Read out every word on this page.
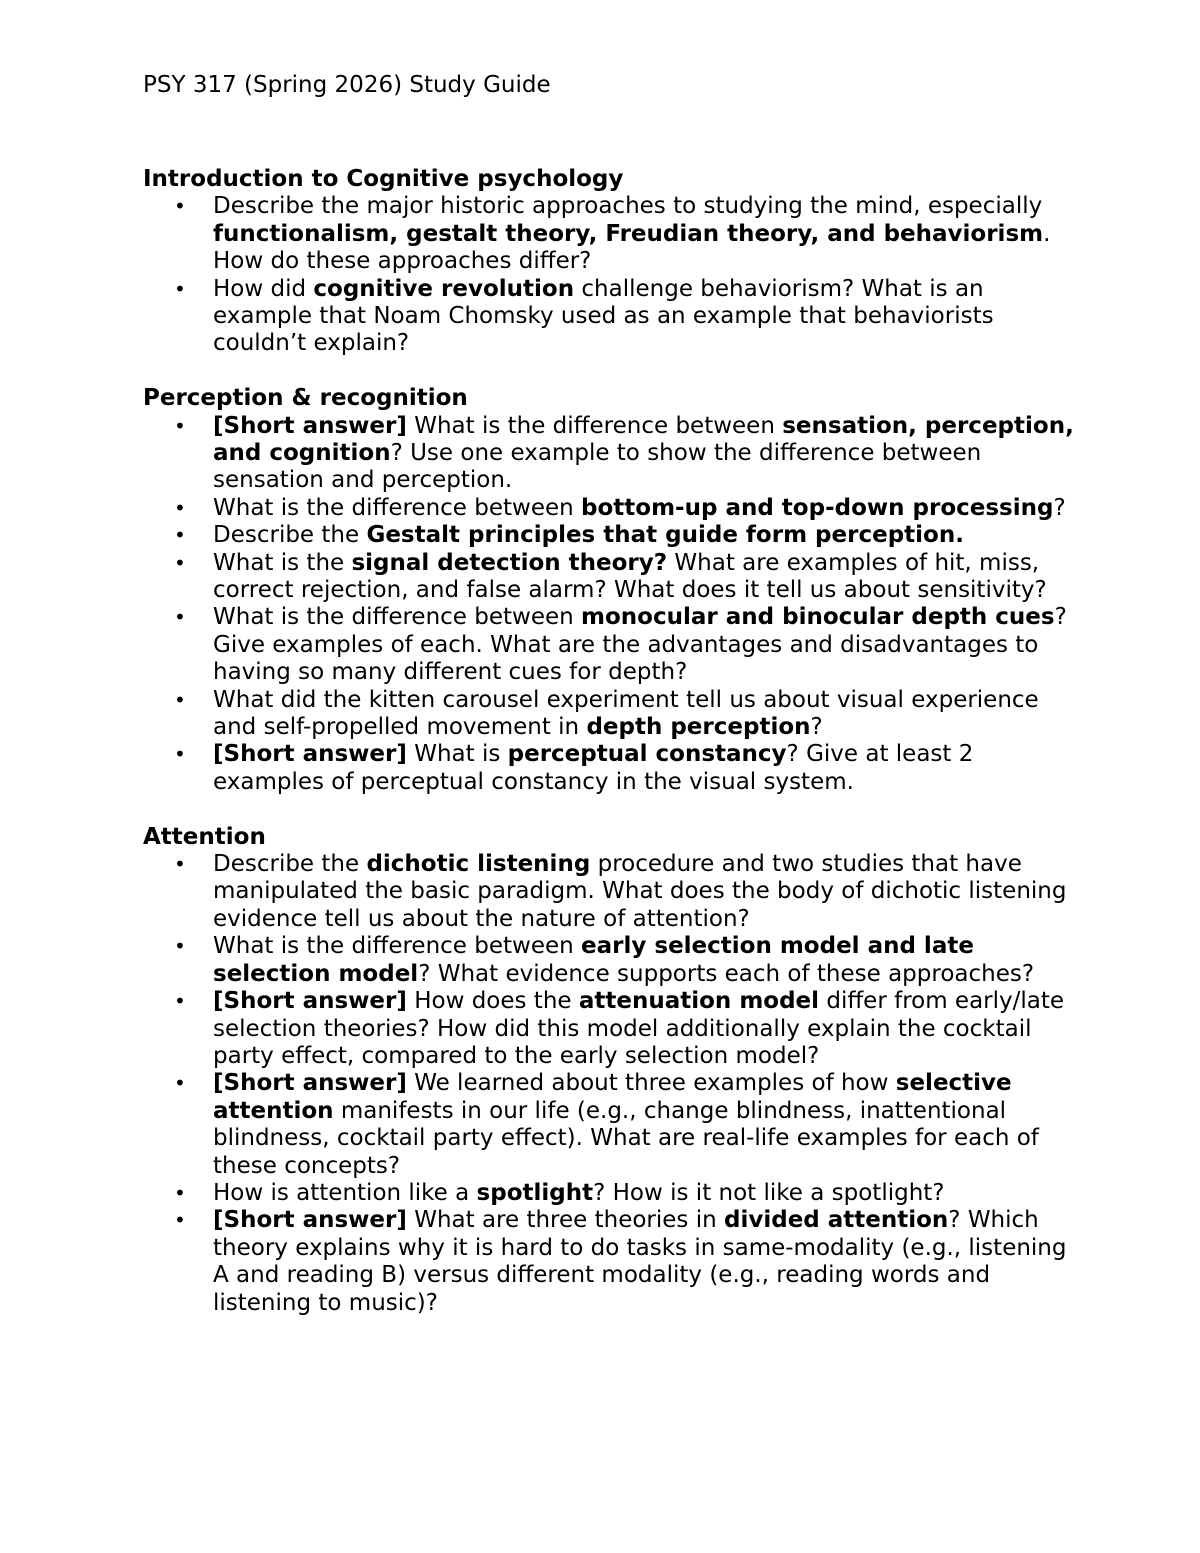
PSY 317 (Spring 2026) Study Guide
Introduction to Cognitive psychology
• Describe the major historic approaches to studying the mind, especially functionalism, gestalt theory, Freudian theory, and behaviorism. How do these approaches differ?
• How did cognitive revolution challenge behaviorism? What is an example that Noam Chomsky used as an example that behaviorists couldn’t explain?
Perception & recognition
• [Short answer] What is the difference between sensation, perception, and cognition? Use one example to show the difference between sensation and perception.
• What is the difference between bottom-up and top-down processing?
• Describe the Gestalt principles that guide form perception.
• What is the signal detection theory? What are examples of hit, miss, correct rejection, and false alarm? What does it tell us about sensitivity?
• What is the difference between monocular and binocular depth cues? Give examples of each. What are the advantages and disadvantages to having so many different cues for depth?
• What did the kitten carousel experiment tell us about visual experience and self-propelled movement in depth perception?
• [Short answer] What is perceptual constancy? Give at least 2 examples of perceptual constancy in the visual system.
Attention
• Describe the dichotic listening procedure and two studies that have manipulated the basic paradigm. What does the body of dichotic listening evidence tell us about the nature of attention?
• What is the difference between early selection model and late selection model? What evidence supports each of these approaches?
• [Short answer] How does the attenuation model differ from early/late selection theories? How did this model additionally explain the cocktail party effect, compared to the early selection model?
• [Short answer] We learned about three examples of how selective attention manifests in our life (e.g., change blindness, inattentional blindness, cocktail party effect). What are real-life examples for each of these concepts?
• How is attention like a spotlight? How is it not like a spotlight?
• [Short answer] What are three theories in divided attention? Which theory explains why it is hard to do tasks in same-modality (e.g., listening A and reading B) versus different modality (e.g., reading words and listening to music)?
